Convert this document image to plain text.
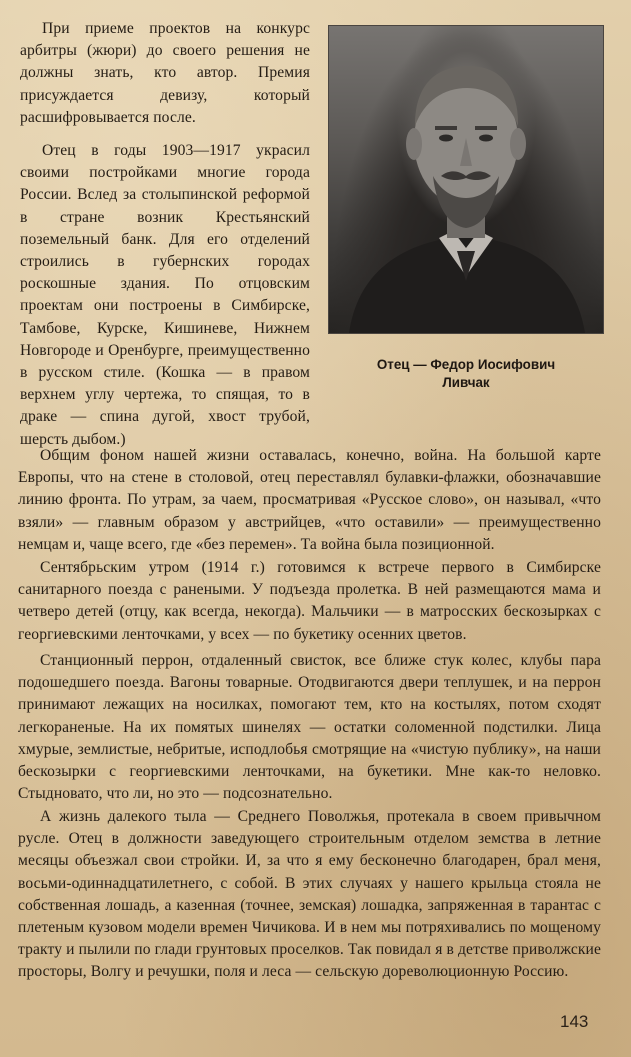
При приеме проектов на конкурс арбитры (жюри) до своего решения не должны знать, кто автор. Премия присуждается девизу, который расшифровывается после.

Отец в годы 1903—1917 украсил своими постройками многие города России. Вслед за столыпинской реформой в стране возник Крестьянский поземельный банк. Для его отделений строились в губернских городах роскошные здания. По отцовским проектам они построены в Симбирске, Тамбове, Курске, Кишиневе, Нижнем Новгороде и Оренбурге, преимущественно в русском стиле. (Кошка — в правом верхнем углу чертежа, то спящая, то в драке — спина дугой, хвост трубой, шерсть дыбом.)

Отец — Федор Иосифович
Ливчак

Общим фоном нашей жизни оставалась, конечно, война. На большой карте Европы, что на стене в столовой, отец переставлял булавки-флажки, обозначавшие линию фронта. По утрам, за чаем, просматривая «Русское слово», он называл, «что взяли» — главным образом у австрийцев, «что оставили» — преимущественно немцам и, чаще всего, где «без перемен». Та война была позиционной.

Сентябрьским утром (1914 г.) готовимся к встрече первого в Симбирске санитарного поезда с ранеными. У подъезда пролетка. В ней размещаются мама и четверо детей (отцу, как всегда, некогда). Мальчики — в матросских бескозырках с георгиевскими ленточками, у всех — по букетику осенних цветов.

Станционный перрон, отдаленный свисток, все ближе стук колес, клубы пара подошедшего поезда. Вагоны товарные. Отодвигаются двери теплушек, и на перрон принимают лежащих на носилках, помогают тем, кто на костылях, потом сходят легкораненые. На их помятых шинелях — остатки соломенной подстилки. Лица хмурые, землистые, небритые, исподлобья смотрящие на «чистую публику», на наши бескозырки с георгиевскими ленточками, на букетики. Мне как-то неловко. Стыдновато, что ли, но это — подсознательно.

А жизнь далекого тыла — Среднего Поволжья, протекала в своем привычном русле. Отец в должности заведующего строительным отделом земства в летние месяцы объезжал свои стройки. И, за что я ему бесконечно благодарен, брал меня, восьми-одиннадцатилетнего, с собой. В этих случаях у нашего крыльца стояла не собственная лошадь, а казенная (точнее, земская) лошадка, запряженная в тарантас с плетеным кузовом модели времен Чичикова. И в нем мы потряхивались по мощеному тракту и пылили по глади грунтовых проселков. Так повидал я в детстве приволжские просторы, Волгу и речушки, поля и леса — сельскую дореволюционную Россию.

143
